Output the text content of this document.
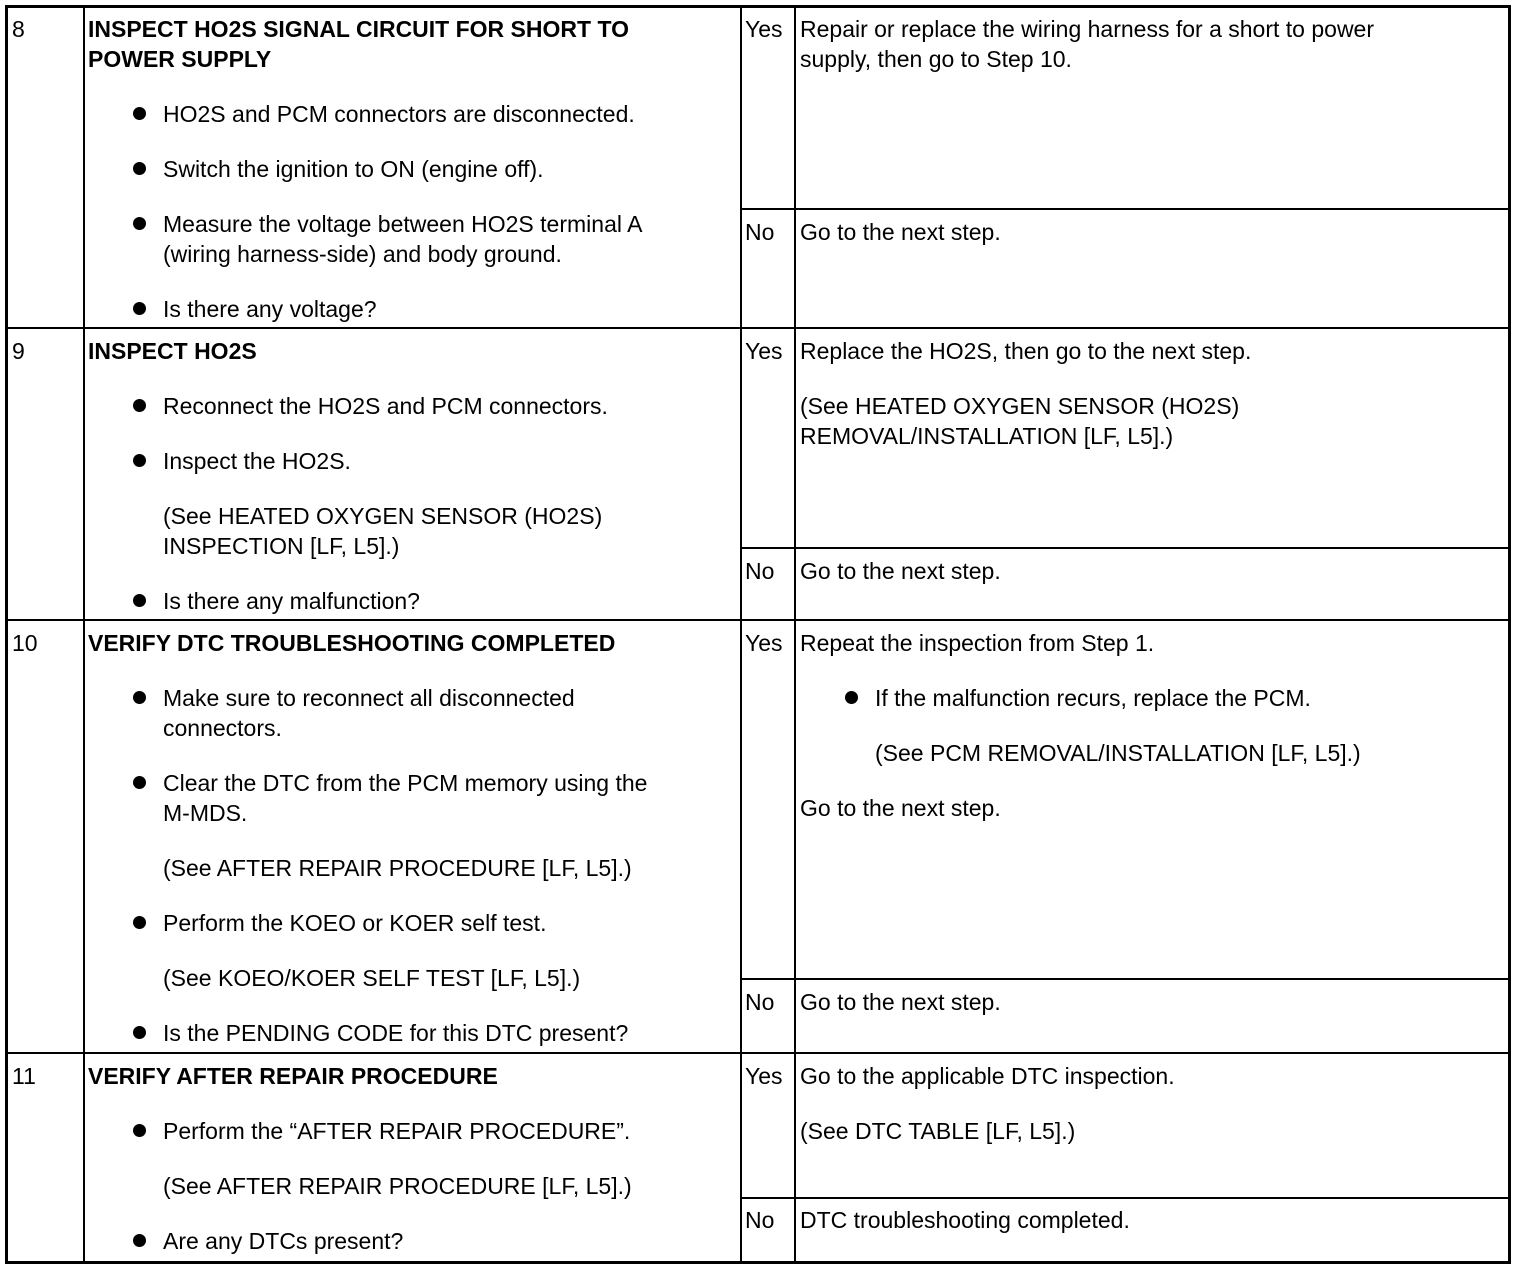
8	INSPECT HO2S SIGNAL CIRCUIT FOR SHORT TO
POWER SUPPLY
HO2S and PCM connectors are disconnected.
Switch the ignition to ON (engine off).
Measure the voltage between HO2S terminal A
(wiring harness-side) and body ground.
Is there any voltage?
Yes Repair or replace the wiring harness for a short to power
supply, then go to Step 10.
No Go to the next step.
9	INSPECT HO2S
Reconnect the HO2S and PCM connectors.
Inspect the HO2S.
(See HEATED OXYGEN SENSOR (HO2S)
INSPECTION [LF, L5].)
Is there any malfunction?
Yes Replace the HO2S, then go to the next step.
(See HEATED OXYGEN SENSOR (HO2S)
REMOVAL/INSTALLATION [LF, L5].)
No Go to the next step.
10 VERIFY DTC TROUBLESHOOTING COMPLETED
Make sure to reconnect all disconnected
connectors.
Clear the DTC from the PCM memory using the
M-MDS.
(See AFTER REPAIR PROCEDURE [LF, L5].)
Perform the KOEO or KOER self test.
(See KOEO/KOER SELF TEST [LF, L5].)
Is the PENDING CODE for this DTC present?
Yes Repeat the inspection from Step 1.
If the malfunction recurs, replace the PCM.
(See PCM REMOVAL/INSTALLATION [LF, L5].)
Go to the next step.
No Go to the next step.
11 VERIFY AFTER REPAIR PROCEDURE
Perform the “AFTER REPAIR PROCEDURE”.
(See AFTER REPAIR PROCEDURE [LF, L5].)
Are any DTCs present?
Yes Go to the applicable DTC inspection.
(See DTC TABLE [LF, L5].)
No DTC troubleshooting completed.
